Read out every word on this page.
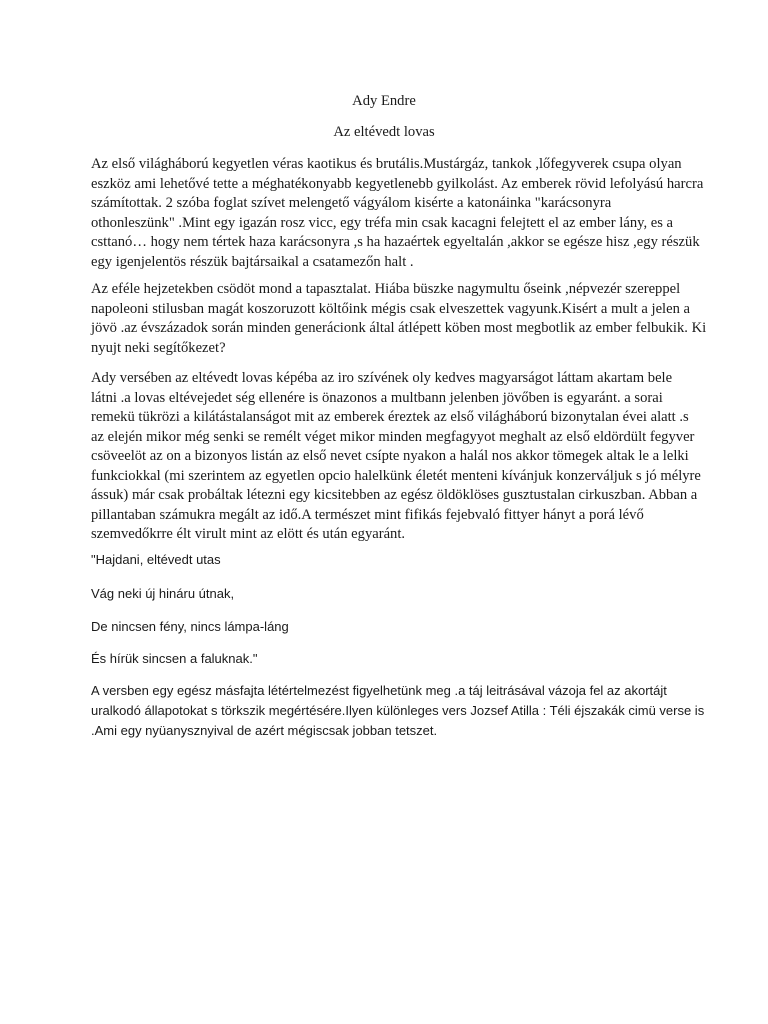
Ady Endre

Az eltévedt lovas

Az első világháború kegyetlen véras kaotikus és brutális.Mustárgáz, tankok ,lőfegyverek csupa olyan
eszköz ami lehetővé tette a méghatékonyabb kegyetlenebb gyilkolást. Az emberek rövid lefolyású harcra
számítottak. 2 szóba foglat szívet melengető vágyálom kisérte a katonáinka "karácsonyra
othonleszünk" .Mint egy igazán rosz vicc, egy tréfa min csak kacagni felejtett el az ember lány, es a
csttanó… hogy nem tértek haza karácsonyra ,s ha hazaértek egyeltalán ,akkor se egésze hisz ,egy részük
egy igenjelentös részük bajtársaikal a csatamezőn halt .

Az eféle hejzetekben csödöt mond a tapasztalat. Hiába büszke nagymultu őseink ,népvezér szereppel
napoleoni stilusban magát koszoruzott költőink mégis csak elveszettek vagyunk.Kisért a mult a jelen a
jövö .az évszázadok során minden generácionk által átlépett köben most megbotlik az ember felbukik. Ki
nyujt neki segítőkezet?

Ady versében az eltévedt lovas képéba az iro szívének oly kedves magyarságot láttam akartam bele
látni .a lovas eltévejedet ség ellenére is önazonos a multbann jelenben jövőben is egyaránt. a sorai
remekü tükrözi a kilátástalanságot mit az emberek éreztek az első világháború bizonytalan évei alatt .s
az elején mikor még senki se remélt véget mikor minden megfagyyot meghalt az első eldördült fegyver
csöveelöt az on a bizonyos listán az első nevet csípte nyakon a halál nos akkor tömegek altak le a lelki
funkciokkal (mi szerintem az egyetlen opcio halelkünk életét menteni kívánjuk konzerváljuk s jó mélyre
ássuk) már csak probáltak létezni egy kicsitebben az egész öldöklöses gusztustalan cirkuszban. Abban a
pillantaban számukra megált az idő.A természet mint fifikás fejebvaló fittyer hányt a porá lévő
szemvedőkrre élt virult mint az elött és után egyaránt.

"Hajdani, eltévedt utas

Vág neki új hináru útnak,

De nincsen fény, nincs lámpa-láng

És hírük sincsen a faluknak."

A versben egy egész másfajta létértelmezést figyelhetünk meg .a táj leitrásával vázoja fel az akortájt
uralkodó állapotokat s törkszik megértésére.Ilyen különleges vers Jozsef Atilla : Téli éjszakák cimü verse is
.Ami egy nyüanysznyival de azért mégiscsak jobban tetszet.
